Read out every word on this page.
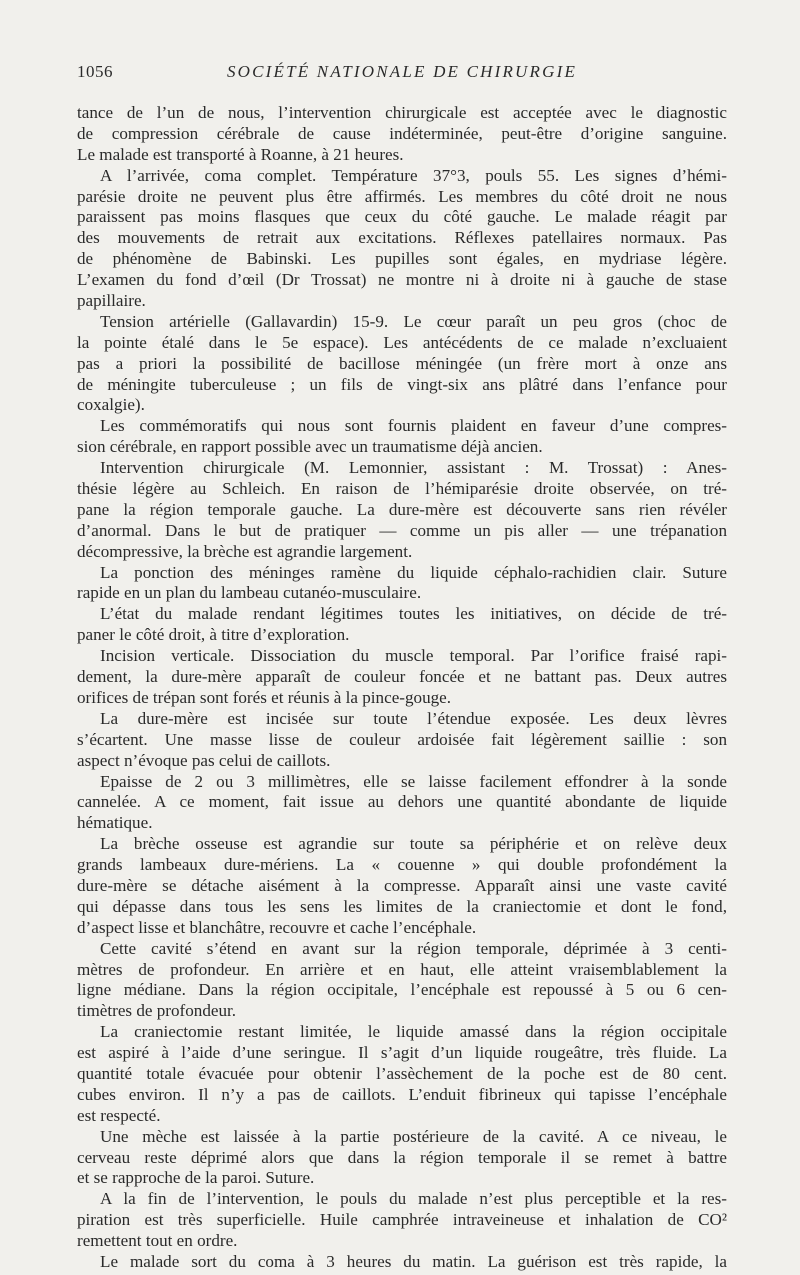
1056	SOCIÉTÉ NATIONALE DE CHIRURGIE
tance de l’un de nous, l’intervention chirurgicale est acceptée avec le diagnostic
de compression cérébrale de cause indéterminée, peut-être d’origine sanguine.
Le malade est transporté à Roanne, à 21 heures.
A l’arrivée, coma complet. Température 37°3, pouls 55. Les signes d’hémi-
parésie droite ne peuvent plus être affirmés. Les membres du côté droit ne nous
paraissent pas moins flasques que ceux du côté gauche. Le malade réagit par
des mouvements de retrait aux excitations. Réflexes patellaires normaux. Pas
de phénomène de Babinski. Les pupilles sont égales, en mydriase légère.
L’examen du fond d’œil (Dr Trossat) ne montre ni à droite ni à gauche de stase
papillaire.
Tension artérielle (Gallavardin) 15-9. Le cœur paraît un peu gros (choc de
la pointe étalé dans le 5e espace). Les antécédents de ce malade n’excluaient
pas a priori la possibilité de bacillose méningée (un frère mort à onze ans
de méningite tuberculeuse ; un fils de vingt-six ans plâtré dans l’enfance pour
coxalgie).
Les commémoratifs qui nous sont fournis plaident en faveur d’une compres-
sion cérébrale, en rapport possible avec un traumatisme déjà ancien.
Intervention chirurgicale (M. Lemonnier, assistant : M. Trossat) : Anes-
thésie légère au Schleich. En raison de l’hémiparésie droite observée, on tré-
pane la région temporale gauche. La dure-mère est découverte sans rien révéler
d’anormal. Dans le but de pratiquer — comme un pis aller — une trépanation
décompressive, la brèche est agrandie largement.
La ponction des méninges ramène du liquide céphalo-rachidien clair. Suture
rapide en un plan du lambeau cutanéo-musculaire.
L’état du malade rendant légitimes toutes les initiatives, on décide de tré-
paner le côté droit, à titre d’exploration.
Incision verticale. Dissociation du muscle temporal. Par l’orifice fraisé rapi-
dement, la dure-mère apparaît de couleur foncée et ne battant pas. Deux autres
orifices de trépan sont forés et réunis à la pince-gouge.
La dure-mère est incisée sur toute l’étendue exposée. Les deux lèvres
s’écartent. Une masse lisse de couleur ardoisée fait légèrement saillie : son
aspect n’évoque pas celui de caillots.
Epaisse de 2 ou 3 millimètres, elle se laisse facilement effondrer à la sonde
cannelée. A ce moment, fait issue au dehors une quantité abondante de liquide
hématique.
La brèche osseuse est agrandie sur toute sa périphérie et on relève deux
grands lambeaux dure-mériens. La « couenne » qui double profondément la
dure-mère se détache aisément à la compresse. Apparaît ainsi une vaste cavité
qui dépasse dans tous les sens les limites de la craniectomie et dont le fond,
d’aspect lisse et blanchâtre, recouvre et cache l’encéphale.
Cette cavité s’étend en avant sur la région temporale, déprimée à 3 centi-
mètres de profondeur. En arrière et en haut, elle atteint vraisemblablement la
ligne médiane. Dans la région occipitale, l’encéphale est repoussé à 5 ou 6 cen-
timètres de profondeur.
La craniectomie restant limitée, le liquide amassé dans la région occipitale
est aspiré à l’aide d’une seringue. Il s’agit d’un liquide rougeâtre, très fluide. La
quantité totale évacuée pour obtenir l’assèchement de la poche est de 80 cent.
cubes environ. Il n’y a pas de caillots. L’enduit fibrineux qui tapisse l’encéphale
est respecté.
Une mèche est laissée à la partie postérieure de la cavité. A ce niveau, le
cerveau reste déprimé alors que dans la région temporale il se remet à battre
et se rapproche de la paroi. Suture.
A la fin de l’intervention, le pouls du malade n’est plus perceptible et la res-
piration est très superficielle. Huile camphrée intraveineuse et inhalation de CO²
remettent tout en ordre.
Le malade sort du coma à 3 heures du matin. La guérison est très rapide, la
